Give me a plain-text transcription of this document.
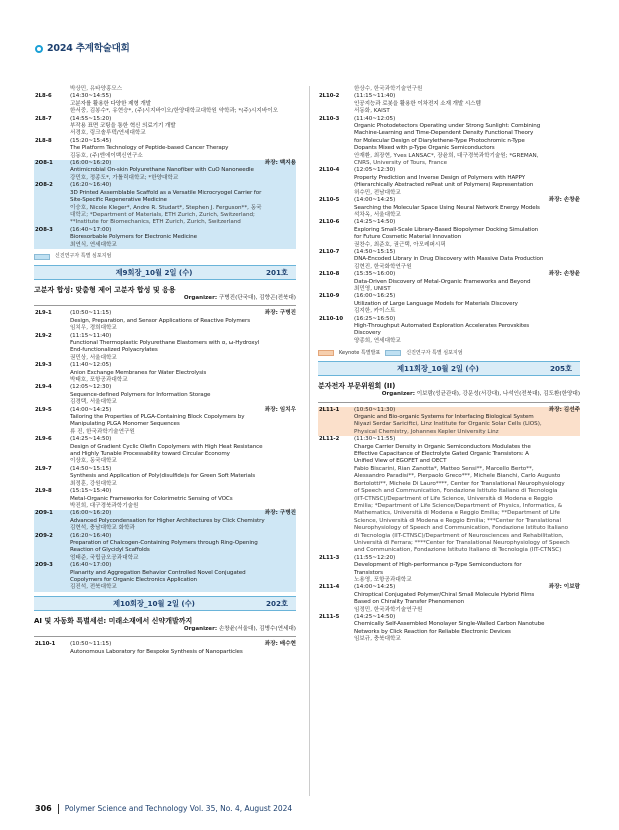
2024 추계학술대회
박상민, 유타양홍모스
2L8-6	(14:30~14:55)
고분자를 활용한 다양한 제형 개발
한서중, 김봉수*, 유현승*, (주)시지바이오/한양대학교대학원 약학과; *(주)시지바이오
2L8-7	(14:55~15:20)
부작용 표면 코팅을 통한 혁신 의료기기 개발
서경호, 링크솔루텍/연세대학교
2L8-8	(15:20~15:45)
The Platform Technology of Peptide-based Cancer Therapy
김동호, (주)엔에이백신연구소
2O8-1	(16:00~16:20)	좌장: 백지용
Antimicrobial On-skin Polyurethane Nanofiber with CuO Nanoneedle
강민호, 정종도*, 가톨릭대학교; *한양대학교
2O8-2	(16:20~16:40)
3D Printed Assemblable Scaffold as a Versatile Microcryogel Carrier for
Site-Specific Regenerative Medicine
이승호, Nicole Kleger*, Andre R. Studart*, Stephen J. Ferguson**, 동국
대학교; *Department of Materials, ETH Zurich, Zurich, Switzerland;
**Institute for Biomechanics, ETH Zurich, Zurich, Switzerland
2O8-3	(16:40~17:00)
Bioresorbable Polymers for Electronic Medicine
최연식, 연세대학교
신진연구자 특별 심포지엄
제9회장_10월 2일 (수)	201호
고분자 합성: 맞춤형 제어 고분자 합성 및 응용
Organizer: 구병진(단국대), 김향곤(전북대)
2L9-1	(10:50~11:15)	좌장: 구병진
Design, Preparation, and Sensor Applications of Reactive Polymers
임치우, 경희대학교
2L9-2	(11:15~11:40)
Functional Thermoplastic Polyurethane Elastomers with α, ω-Hydroxyl
End-functionalized Polyacrylates
권민상, 서울대학교
2L9-3	(11:40~12:05)
Anion Exchange Membranes for Water Electrolysis
박태호, 포항공과대학교
2L9-4	(12:05~12:30)
Sequence-defined Polymers for Information Storage
김경택, 서울대학교
2L9-5	(14:00~14:25)	좌장: 임치우
Tailoring the Properties of PLGA-Containing Block Copolymers by
Manipulating PLGA Monomer Sequences
류 진, 한국과학기술연구원
2L9-6	(14:25~14:50)
Design of Gradient Cyclic Olefin Copolymers with High Heat Resistance
and Highly Tunable Processability toward Circular Economy
이상호, 동국대학교
2L9-7	(14:50~15:15)
Synthesis and Application of Poly(disulfide)s for Green Soft Materials
최정훈, 강원대학교
2L9-8	(15:15~15:40)
Metal-Organic Frameworks for Colorimetric Sensing of VOCs
박진희, 대구경북과학기술원
2O9-1	(16:00~16:20)	좌장: 구병진
Advanced Polycondensation for Higher Architectures by Click Chemistry
김현석, 충남대학교 화학과
2O9-2	(16:20~16:40)
Preparation of Chalcogen-Containing Polymers through Ring-Opening
Reaction of Glycidyl Scaffolds
엄태준, 국립금오공과대학교
2O9-3	(16:40~17:00)
Planarity and Aggregation Behavior Controlled Novel Conjugated
Copolymers for Organic Electronics Application
김진석, 전북대학교
제10회장_10월 2일 (수)	202호
AI 및 자동화 특별세션: 미래소재에서 신약개발까지
Organizer: 손창윤(서울대), 김병수(연세대)
2L10-1	(10:50~11:15)	좌장: 배수현
Autonomous Laboratory for Bespoke Synthesis of Nanoparticles
한상수, 한국과학기술연구원
2L10-2	(11:15~11:40)
인공지능과 로봇을 활용한 이차전지 소재 개발 시스템
서동화, KAIST
2L10-3	(11:40~12:05)
Organic Photodetectors Operating under Strong Sunlight: Combining
Machine-Learning and Time-Dependent Density Functional Theory
for Molecular Design of Diarylethene-Type Photochromic n-Type
Dopants Mixed with p-Type Organic Semiconductors
안재환, 최장현, Yves LANSAC*, 장윤희, 대구경북과학기술원; *GREMAN,
CNRS, University of Tours, France
2L10-4	(12:05~12:30)
Property Prediction and Inverse Design of Polymers with HAPPY
(Hierarchically Abstracted rePeat unit of Polymers) Representation
허수민, 전남대학교
2L10-5	(14:00~14:25)	좌장: 손창윤
Searching the Molecular Space Using Neural Network Energy Models
석차옥, 서울대학교
2L10-6	(14:25~14:50)
Exploring Small-Scale Library-Based Biopolymer Docking Simulation
for Future Cosmetic Material Innovation
권찬수, 최준호, 권근택, 아모레퍼시픽
2L10-7	(14:50~15:15)
DNA-Encoded Library in Drug Discovery with Massive Data Production
김현진, 한국화학연구원
2L10-8	(15:35~16:00)	좌장: 손창윤
Data-Driven Discovery of Metal-Organic Frameworks and Beyond
최민영, UNIST
2L10-9	(16:00~16:25)
Utilization of Large Language Models for Materials Discovery
김지한, 카이스트
2L10-10	(16:25~16:50)
High-Throughput Automated Exploration Accelerates Perovskites
Discovery
양종희, 연세대학교
Keynote 특별발표	신진연구자 특별 심포지엄
제11회장_10월 2일 (수)	205호
분자전자 부문위원회 (II)
Organizer: 이보람(성균관대), 강문성(서강대), 나석인(전북대), 김도환(한양대)
2L11-1	(10:50~11:30)	좌장: 김선주
Organic and Bio-organic Systems for Interfacing Biological System
Niyazi Serdar Sariciftci, Linz Institute for Organic Solar Cells (LIOS),
Physical Chemistry, Johannes Kepler University Linz
2L11-2	(11:30~11:55)
Charge Carrier Density in Organic Semiconductors Modulates the
Effective Capacitance of Electrolyte Gated Organic Transistors: A
Unified View of EGOFET and OECT
Fabio Biscarini, Rian Zanotta*, Matteo Sensi**, Marcello Berto**,
Alessandro Paradisi**, Pierpaolo Greco***, Michele Bianchi, Carlo Augusto
Bortolotti**, Michele Di Lauro****, Center for Translational Neurophysiology
of Speech and Communication, Fondazione Istituto Italiano di Tecnologia
(IIT-CTNSC)/Department of Life Science, Università di Modena e Reggio
Emilia; *Department of Life Science/Department of Physics, Informatics, &
Mathematics, Università di Modena e Reggio Emilia; **Department of Life
Science, Università di Modena e Reggio Emilia; ***Center for Translational
Neurophysiology of Speech and Communication, Fondazione Istituto Italiano
di Tecnologia (IIT-CTNSC)/Department of Neurosciences and Rehabilitation,
Università di Ferrara; ****Center for Translational Neurophysiology of Speech
and Communication, Fondazione Istituto Italiano di Tecnologia (IIT-CTNSC)
2L11-3	(11:55~12:20)
Development of High-performance p-Type Semiconductors for
Transistors
노용영, 포항공과대학교
2L11-4	(14:00~14:25)	좌장: 이보람
Chiroptical Conjugated Polymer/Chiral Small Molecule Hybrid Films
Based on Chirality Transfer Phenomenon
임정민, 한국과학기술연구원
2L11-5	(14:25~14:50)
Chemically Self-Assembled Monolayer Single-Walled Carbon Nanotube
Networks by Click Reaction for Reliable Electronic Devices
임보규, 충북대학교
306 Polymer Science and Technology Vol. 35, No. 4, August 2024
